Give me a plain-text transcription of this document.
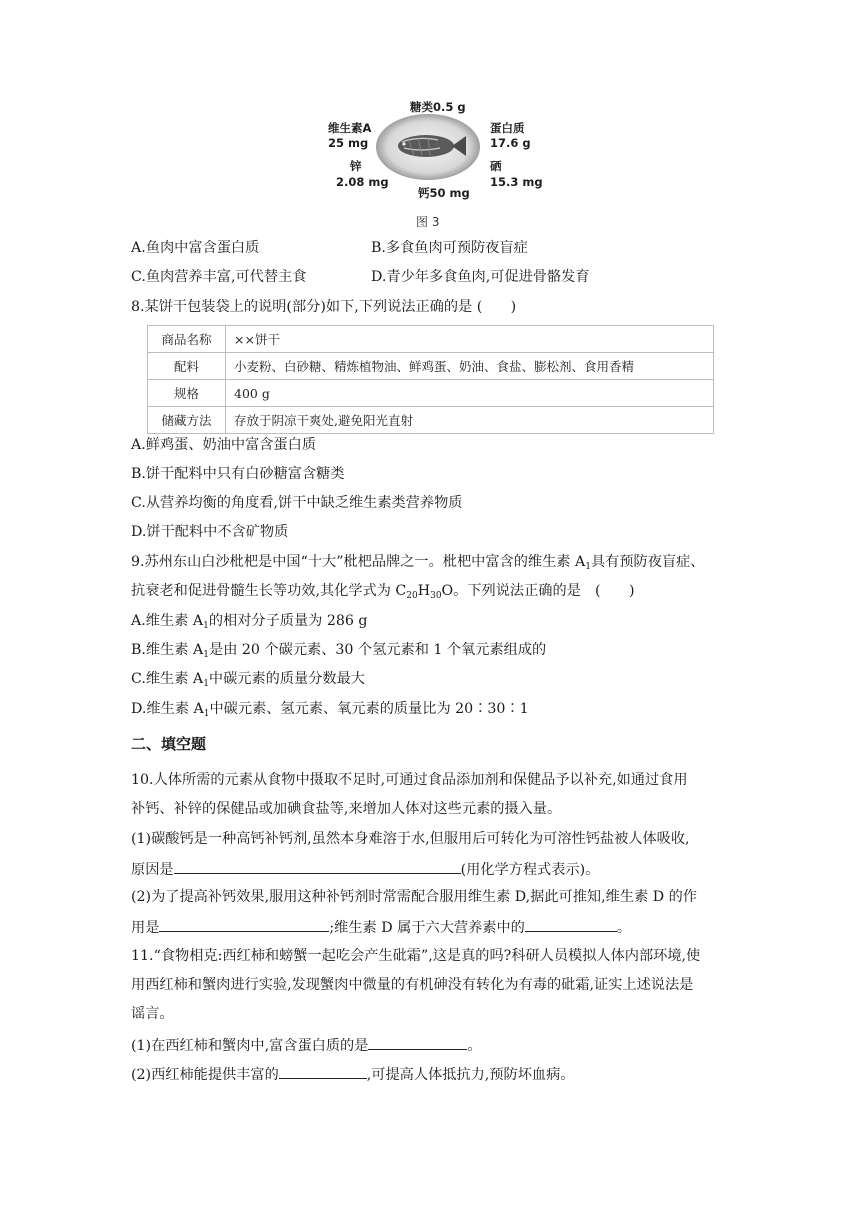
糖类0.5 g
维生素A
25 mg
蛋白质
17.6 g
锌
2.08 mg
硒
15.3 mg
钙50 mg
图 3
A.鱼肉中富含蛋白质	B.多食鱼肉可预防夜盲症
C.鱼肉营养丰富,可代替主食	D.青少年多食鱼肉,可促进骨骼发育
8.某饼干包装袋上的说明(部分)如下,下列说法正确的是 (　　)
商品名称	××饼干
配料	小麦粉、白砂糖、精炼植物油、鲜鸡蛋、奶油、食盐、膨松剂、食用香精
规格	400 g
储藏方法	存放于阴凉干爽处,避免阳光直射
A.鲜鸡蛋、奶油中富含蛋白质
B.饼干配料中只有白砂糖富含糖类
C.从营养均衡的角度看,饼干中缺乏维生素类营养物质
D.饼干配料中不含矿物质
9.苏州东山白沙枇杷是中国“十大”枇杷品牌之一。枇杷中富含的维生素 $A_1$具有预防夜盲症、
抗衰老和促进骨髓生长等功效,其化学式为 $C_{20}H_{30}O$。下列说法正确的是　(　　)
A.维生素 $A_1$的相对分子质量为 286 g
B.维生素 $A_1$是由 20 个碳元素、30 个氢元素和 1 个氧元素组成的
C.维生素 $A_1$中碳元素的质量分数最大
D.维生素 $A_1$中碳元素、氢元素、氧元素的质量比为 20∶30∶1
二、填空题
10.人体所需的元素从食物中摄取不足时,可通过食品添加剂和保健品予以补充,如通过食用
补钙、补锌的保健品或加碘食盐等,来增加人体对这些元素的摄入量。
(1)碳酸钙是一种高钙补钙剂,虽然本身难溶于水,但服用后可转化为可溶性钙盐被人体吸收,
原因是	(用化学方程式表示)。
(2)为了提高补钙效果,服用这种补钙剂时常需配合服用维生素 D,据此可推知,维生素 D 的作
用是	;维生素 D 属于六大营养素中的	。
11.“食物相克:西红柿和螃蟹一起吃会产生砒霜”,这是真的吗?科研人员模拟人体内部环境,使
用西红柿和蟹肉进行实验,发现蟹肉中微量的有机砷没有转化为有毒的砒霜,证实上述说法是
谣言。
(1)在西红柿和蟹肉中,富含蛋白质的是	。
(2)西红柿能提供丰富的	,可提高人体抵抗力,预防坏血病。
